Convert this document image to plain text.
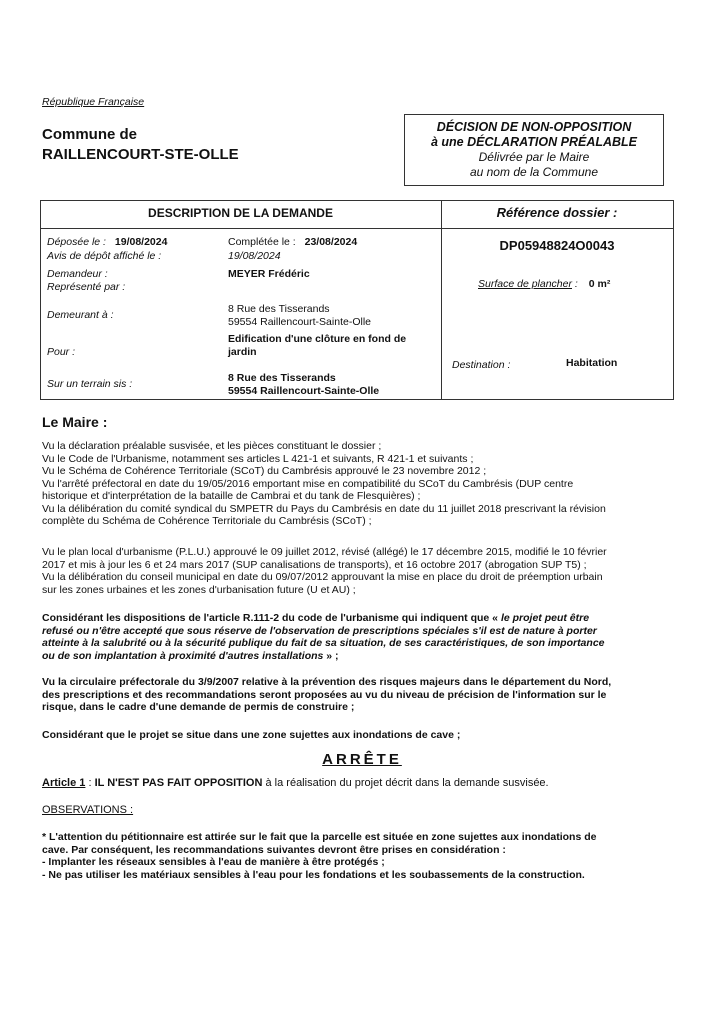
République Française
Commune de
RAILLENCOURT-STE-OLLE
DÉCISION DE NON-OPPOSITION
à une DÉCLARATION PRÉALABLE
Délivrée par le Maire
au nom de la Commune
DESCRIPTION DE LA DEMANDE	Référence dossier :
Déposée le : 19/08/2024	Complétée le : 23/08/2024
Avis de dépôt affiché le :	19/08/2024
Demandeur :	MEYER Frédéric
Représenté par :
DP05948824O0043
Surface de plancher : 0 m²
Demeurant à :	8 Rue des Tisserands
59554 Raillencourt-Sainte-Olle
Pour :
Edification d'une clôture en fond de
jardin
Destination :	Habitation
Sur un terrain sis :	8 Rue des Tisserands
59554 Raillencourt-Sainte-Olle
Le Maire :

Vu la déclaration préalable susvisée, et les pièces constituant le dossier ;

Vu le Code de l'Urbanisme, notamment ses articles L 421-1 et suivants, R 421-1 et suivants ;

Vu le Schéma de Cohérence Territoriale (SCoT) du Cambrésis approuvé le 23 novembre 2012 ;

Vu l'arrêté préfectoral en date du 19/05/2016 emportant mise en compatibilité du SCoT du Cambrésis (DUP centre

historique et d'interprétation de la bataille de Cambrai et du tank de Flesquières) ;

Vu la délibération du comité syndical du SMPETR du Pays du Cambrésis en date du 11 juillet 2018 prescrivant la révision

complète du Schéma de Cohérence Territoriale du Cambrésis (SCoT) ;

Vu le plan local d'urbanisme (P.L.U.) approuvé le 09 juillet 2012, révisé (allégé) le 17 décembre 2015, modifié le 10 février

2017 et mis à jour les 6 et 24 mars 2017 (SUP canalisations de transports), et 16 octobre 2017 (abrogation SUP T5) ;

Vu la délibération du conseil municipal en date du 09/07/2012 approuvant la mise en place du droit de préemption urbain

sur les zones urbaines et les zones d'urbanisation future (U et AU) ;

Considérant les dispositions de l'article R.111-2 du code de l'urbanisme qui indiquent que « le projet peut être

refusé ou n'être accepté que sous réserve de l'observation de prescriptions spéciales s'il est de nature à porter

atteinte à la salubrité ou à la sécurité publique du fait de sa situation, de ses caractéristiques, de son importance

ou de son implantation à proximité d'autres installations » ;

Vu la circulaire préfectorale du 3/9/2007 relative à la prévention des risques majeurs dans le département du Nord,

des prescriptions et des recommandations seront proposées au vu du niveau de précision de l'information sur le

risque, dans le cadre d'une demande de permis de construire ;

Considérant que le projet se situe dans une zone sujettes aux inondations de cave ;
ARRÊTE
Article 1 : IL N'EST PAS FAIT OPPOSITION à la réalisation du projet décrit dans la demande susvisée.
OBSERVATIONS :

* L'attention du pétitionnaire est attirée sur le fait que la parcelle est située en zone sujettes aux inondations de

cave. Par conséquent, les recommandations suivantes devront être prises en considération :

- Implanter les réseaux sensibles à l'eau de manière à être protégés ;

- Ne pas utiliser les matériaux sensibles à l'eau pour les fondations et les soubassements de la construction.
